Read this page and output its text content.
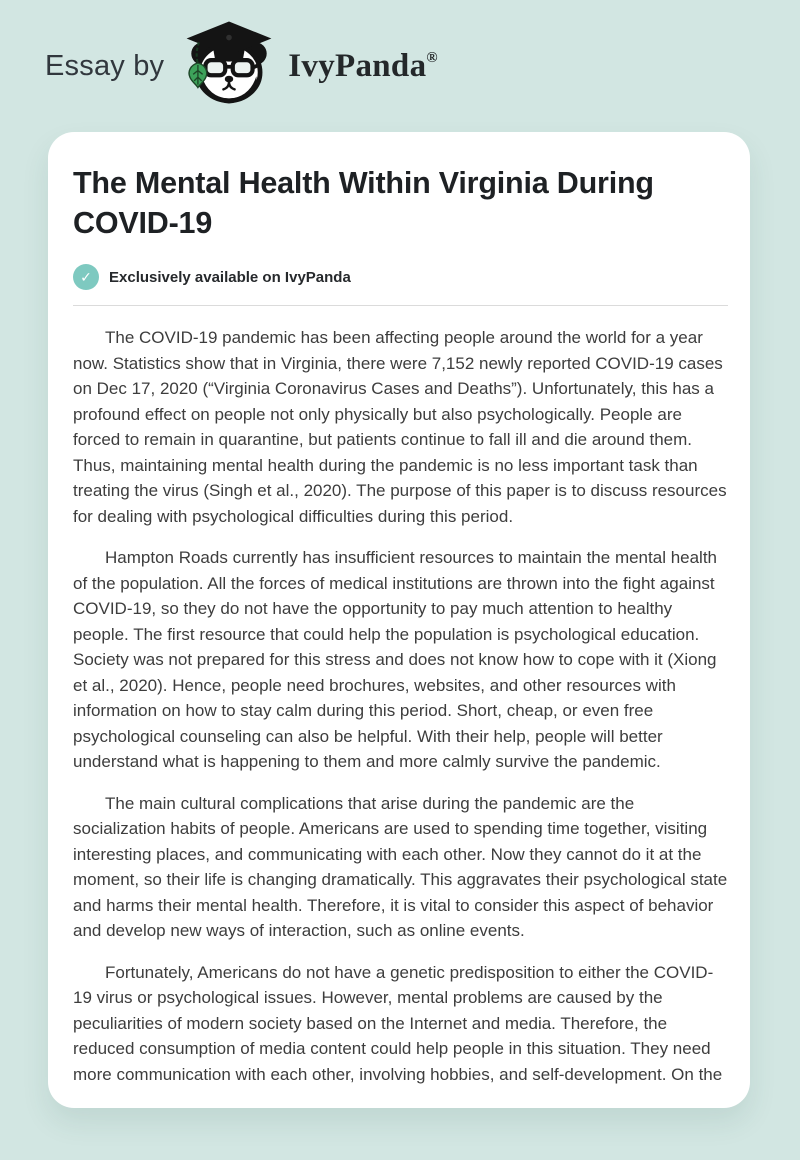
Essay by	IvyPanda®
The Mental Health Within Virginia During COVID-19
✓	Exclusively available on IvyPanda

The COVID-19 pandemic has been affecting people around the world for a year now. Statistics show that in Virginia, there were 7,152 newly reported COVID-19 cases on Dec 17, 2020 (“Virginia Coronavirus Cases and Deaths”). Unfortunately, this has a profound effect on people not only physically but also psychologically. People are forced to remain in quarantine, but patients continue to fall ill and die around them. Thus, maintaining mental health during the pandemic is no less important task than treating the virus (Singh et al., 2020). The purpose of this paper is to discuss resources for dealing with psychological difficulties during this period.

Hampton Roads currently has insufficient resources to maintain the mental health of the population. All the forces of medical institutions are thrown into the fight against COVID-19, so they do not have the opportunity to pay much attention to healthy people. The first resource that could help the population is psychological education. Society was not prepared for this stress and does not know how to cope with it (Xiong et al., 2020). Hence, people need brochures, websites, and other resources with information on how to stay calm during this period. Short, cheap, or even free psychological counseling can also be helpful. With their help, people will better understand what is happening to them and more calmly survive the pandemic.

The main cultural complications that arise during the pandemic are the socialization habits of people. Americans are used to spending time together, visiting interesting places, and communicating with each other. Now they cannot do it at the moment, so their life is changing dramatically. This aggravates their psychological state and harms their mental health. Therefore, it is vital to consider this aspect of behavior and develop new ways of interaction, such as online events.

Fortunately, Americans do not have a genetic predisposition to either the COVID-19 virus or psychological issues. However, mental problems are caused by the peculiarities of modern society based on the Internet and media. Therefore, the reduced consumption of media content could help people in this situation. They need more communication with each other, involving hobbies, and self-development. On the
